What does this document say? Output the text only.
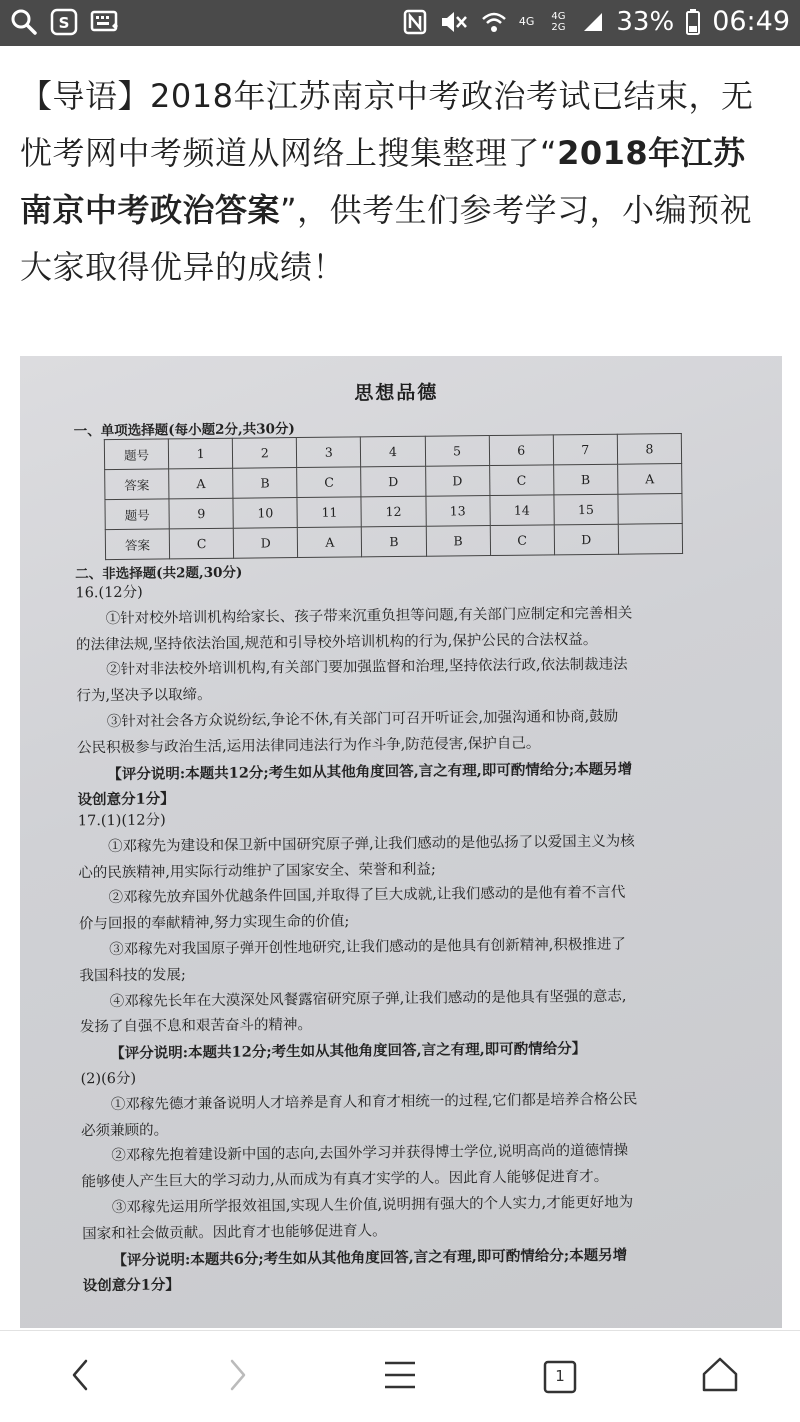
S	4G	4G 2G 33% 06:49
【导语】2018年江苏南京中考政治考试已结束，无忧考网中考频道从网络上搜集整理了“2018年江苏南京中考政治答案”，供考生们参考学习，小编预祝大家取得优异的成绩！
思想品德
一、单项选择题(每小题2分,共30分)
题号	1	2	3	4	5	6	7	8
答案	A	B	C	D	D	C	B	A
题号	9	10	11	12	13	14	15	
答案	C	D	A	B	B	C	D	
二、非选择题(共2题,30分)
16.(12分)
①针对校外培训机构给家长、孩子带来沉重负担等问题,有关部门应制定和完善相关
的法律法规,坚持依法治国,规范和引导校外培训机构的行为,保护公民的合法权益。
②针对非法校外培训机构,有关部门要加强监督和治理,坚持依法行政,依法制裁违法
行为,坚决予以取缔。
③针对社会各方众说纷纭,争论不休,有关部门可召开听证会,加强沟通和协商,鼓励
公民积极参与政治生活,运用法律同违法行为作斗争,防范侵害,保护自己。
【评分说明:本题共12分;考生如从其他角度回答,言之有理,即可酌情给分;本题另增
设创意分1分】
17.(1)(12分)
①邓稼先为建设和保卫新中国研究原子弹,让我们感动的是他弘扬了以爱国主义为核
心的民族精神,用实际行动维护了国家安全、荣誉和利益;
②邓稼先放弃国外优越条件回国,并取得了巨大成就,让我们感动的是他有着不言代
价与回报的奉献精神,努力实现生命的价值;
③邓稼先对我国原子弹开创性地研究,让我们感动的是他具有创新精神,积极推进了
我国科技的发展;
④邓稼先长年在大漠深处风餐露宿研究原子弹,让我们感动的是他具有坚强的意志,
发扬了自强不息和艰苦奋斗的精神。
【评分说明:本题共12分;考生如从其他角度回答,言之有理,即可酌情给分】
(2)(6分)
①邓稼先德才兼备说明人才培养是育人和育才相统一的过程,它们都是培养合格公民
必须兼顾的。
②邓稼先抱着建设新中国的志向,去国外学习并获得博士学位,说明高尚的道德情操
能够使人产生巨大的学习动力,从而成为有真才实学的人。因此育人能够促进育才。
③邓稼先运用所学报效祖国,实现人生价值,说明拥有强大的个人实力,才能更好地为
国家和社会做贡献。因此育才也能够促进育人。
【评分说明:本题共6分;考生如从其他角度回答,言之有理,即可酌情给分;本题另增
设创意分1分】
1
